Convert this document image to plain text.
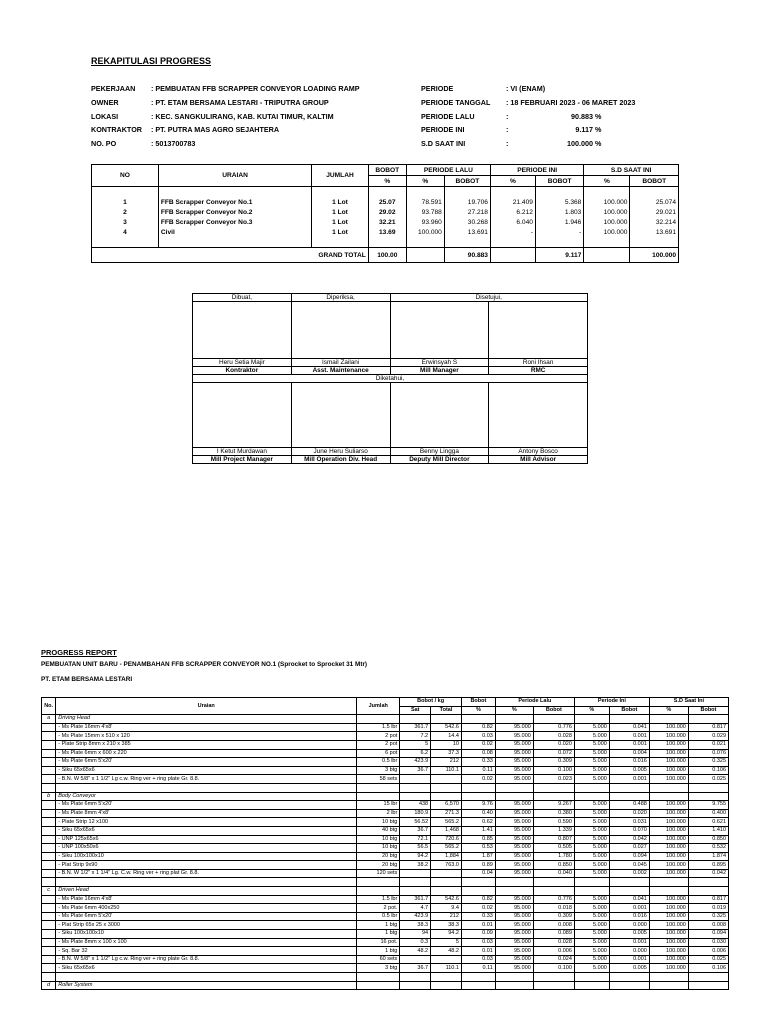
REKAPITULASI PROGRESS
PEKERJAAN : PEMBUATAN FFB SCRAPPER CONVEYOR LOADING RAMP
OWNER	: PT. ETAM BERSAMA LESTARI - TRIPUTRA GROUP
LOKASI	: KEC. SANGKULIRANG, KAB. KUTAI TIMUR, KALTIM
KONTRAKTOR : PT. PUTRA MAS AGRO SEJAHTERA
NO. PO	: 5013700783
PERIODE	: VI (ENAM)
PERIODE TANGGAL : 18 FEBRUARI 2023 - 06 MARET 2023
PERIODE LALU	:	90.883 %
PERIODE INI	:	9.117 %
S.D SAAT INI	:	100.000 %
NO	URAIAN	JUMLAH	BOBOT	PERIODE LALU		PERIODE INI		S.D SAAT INI	
			%	%	BOBOT	%	BOBOT	%	BOBOT

1	FFB Scrapper Conveyor No.1	1 Lot	25.07	78.591	19.706	21.409	5.368	100.000	25.074
2	FFB Scrapper Conveyor No.2	1 Lot	29.02	93.788	27.218	6.212	1.803	100.000	29.021
3	FFB Scrapper Conveyor No.3	1 Lot	32.21	93.960	30.268	6.040	1.946	100.000	32.214
4	Civil	1 Lot	13.69	100.000	13.691	-	-	100.000	13.691

GRAND TOTAL			100.00		90.883		9.117		100.000
Dibuat,	Diperiksa,	Disetujui,	

Heru Setia Majir	Ismail Zailani	Erwinsyah S	Roni Ihsan
Kontraktor	Asst. Maintenance	Mill Manager	RMC
Diketahui,			

I Ketut Murdawan	June Heru Suliarso	Benny Lingga	Antony Bosco
Mill Project Manager	Mill Operation Div. Head	Deputy Mill Director	Mill Advisor
PROGRESS REPORT
PEMBUATAN UNIT BARU - PENAMBAHAN FFB SCRAPPER CONVEYOR NO.1 (Sprocket to Sprocket 31 Mtr)
PT. ETAM BERSAMA LESTARI
No.	Uraian	Jumlah	Bobot / kg		Bobot	Periode Lalu		Periode Ini		S.D Saat Ini	
			Sat	Total	%	%	Bobot	%	Bobot	%	Bobot
a	Driving Head										
	- Ms Plate 16mm 4'x8'	1.5 lbr	361.7	542.6	0.82	95.000	0.776	5.000	0.041	100.000	0.817
	- Ms Plate 15mm x 510 x 120	2 pot	7.2	14.4	0.03	95.000	0.028	5.000	0.001	100.000	0.029
	- Plate Strip 8mm x 210 x 385	2 pot	5	10	0.02	95.000	0.020	5.000	0.001	100.000	0.021
	- Ms Plate 6mm x 600 x 220	6 pot	6.2	37.3	0.08	95.000	0.072	5.000	0.004	100.000	0.076
	- Ms Plate 6mm 5'x20'	0.5 lbr	423.9	212	0.33	95.000	0.309	5.000	0.016	100.000	0.325
	- Siku 65x65x6	3 btg	36.7	110.1	0.11	95.000	0.100	5.000	0.005	100.000	0.106
	- B.N. W 5/8" x 1 1/2" Lg c.w. Ring ver + ring plate Gr. 8.8.	58 sets			0.02	95.000	0.023	5.000	0.001	100.000	0.025

b	Body Conveyor										
	- Ms Plate 6mm 5'x20'	15 lbr	438	6,570	9.76	95.000	9.267	5.000	0.488	100.000	9.755
	- Ms Plate 8mm 4'x8'	2 lbr	180.9	271.3	0.40	95.000	0.380	5.000	0.020	100.000	0.400
	- Plate Strip 12 x100	10 btg	56.52	565.2	0.62	95.000	0.590	5.000	0.031	100.000	0.621
	- Siku 65x65x6	40 btg	36.7	1,468	1.41	95.000	1.339	5.000	0.070	100.000	1.410
	- UNP 125x65x6	10 btg	72.1	720.6	0.85	95.000	0.807	5.000	0.042	100.000	0.850
	- UNP 100x50x6	10 btg	56.5	565.2	0.53	95.000	0.505	5.000	0.027	100.000	0.532
	- Siku 100x100x10	20 btg	94.2	1,884	1.87	95.000	1.780	5.000	0.094	100.000	1.874
	- Plat Strip 9x90	20 btg	38.2	763.0	0.89	95.000	0.850	5.000	0.045	100.000	0.895
	- B.N. W 1/2" x 1 1/4" Lg. C.w. Ring ver + ring plat Gr. 8.8.	120 sets			0.04	95.000	0.040	5.000	0.002	100.000	0.042

c	Driven Head										
	- Ms Plate 16mm 4'x8'	1.5 lbr	361.7	542.6	0.82	95.000	0.776	5.000	0.041	100.000	0.817
	- Ms Plate 6mm 400x250	2 pot.	4.7	9.4	0.02	95.000	0.018	5.000	0.001	100.000	0.019
	- Ms Plate 6mm 5'x20'	0.5 lbr	423.9	212	0.33	95.000	0.309	5.000	0.016	100.000	0.325
	- Plat Strip 65x 25 x 3000	1 btg	38.3	38.3	0.01	95.000	0.008	5.000	0.000	100.000	0.008
	- Siku 100x100x10	1 btg	94	94.2	0.09	95.000	0.089	5.000	0.005	100.000	0.094
	- Ms Plate 8mm x 100 x 100	16 pot.	0.3	5	0.03	95.000	0.028	5.000	0.001	100.000	0.030
	- Sq. Bar 32	1 btg	48.2	48.2	0.01	95.000	0.006	5.000	0.000	100.000	0.006
	- B.N. W 5/8" x 1 1/2" Lg c.w. Ring ver + ring plate Gr. 8.8.	60 sets			0.03	95.000	0.024	5.000	0.001	100.000	0.025
	- Siku 65x65x6	3 btg	36.7	110.1	0.11	95.000	0.100	5.000	0.005	100.000	0.106

d	Roller System										
